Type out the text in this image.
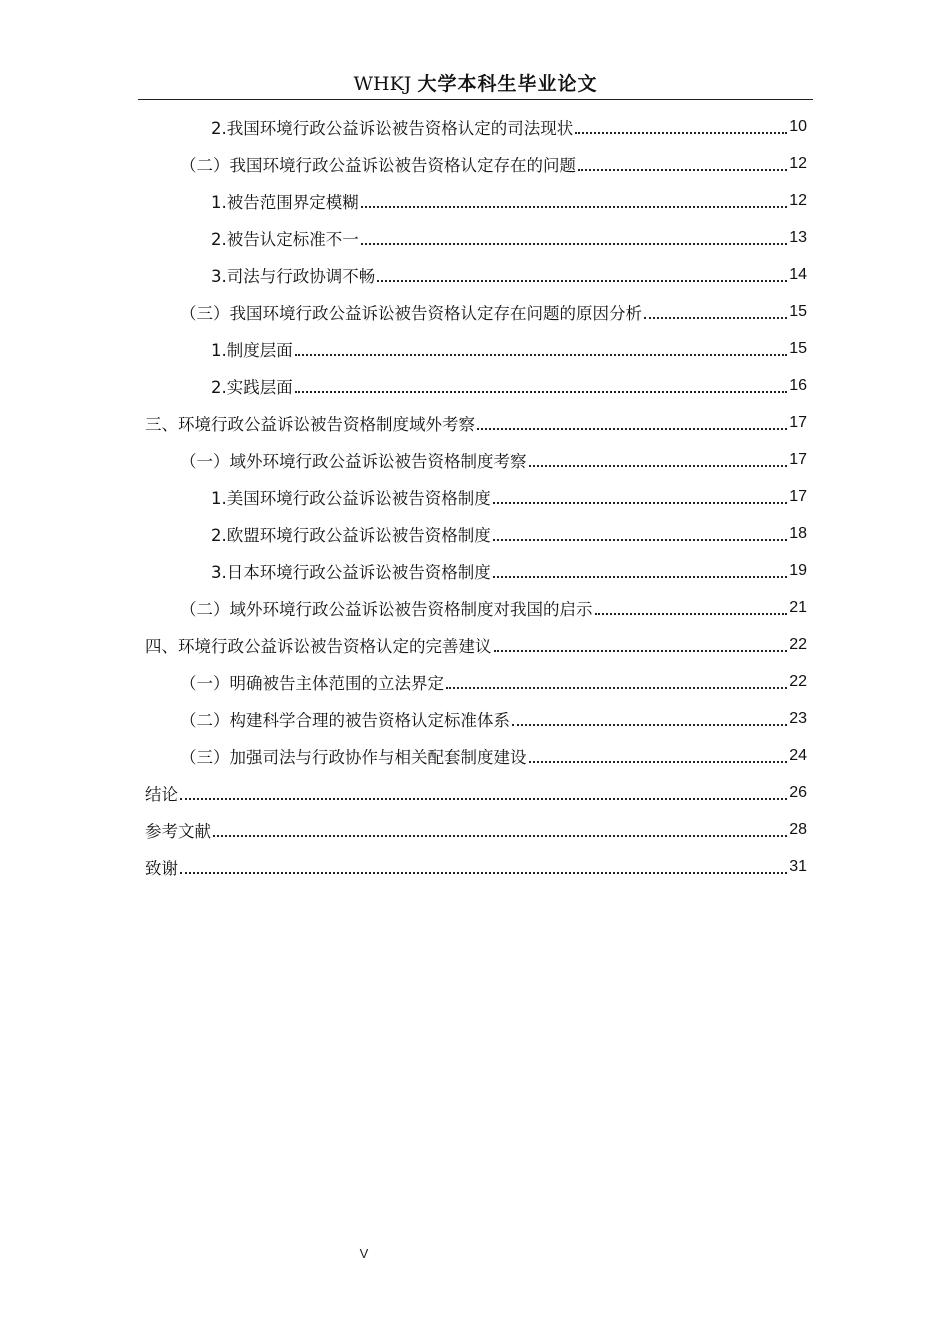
WHKJ 大学本科生毕业论文
2.我国环境行政公益诉讼被告资格认定的司法现状	10
（二）我国环境行政公益诉讼被告资格认定存在的问题	12
1.被告范围界定模糊	12
2.被告认定标准不一	13
3.司法与行政协调不畅	14
（三）我国环境行政公益诉讼被告资格认定存在问题的原因分析	15
1.制度层面	15
2.实践层面	16
三、环境行政公益诉讼被告资格制度域外考察	17
（一）域外环境行政公益诉讼被告资格制度考察	17
1.美国环境行政公益诉讼被告资格制度	17
2.欧盟环境行政公益诉讼被告资格制度	18
3.日本环境行政公益诉讼被告资格制度	19
（二）域外环境行政公益诉讼被告资格制度对我国的启示	21
四、环境行政公益诉讼被告资格认定的完善建议	22
（一）明确被告主体范围的立法界定	22
（二）构建科学合理的被告资格认定标准体系	23
（三）加强司法与行政协作与相关配套制度建设	24
结论	26
参考文献	28
致谢	31
V
